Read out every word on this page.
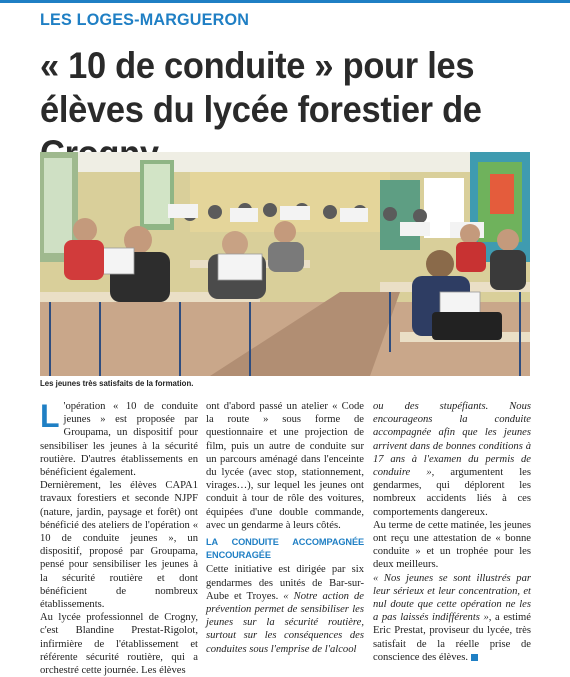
LES LOGES-MARGUERON
« 10 de conduite » pour les élèves du lycée forestier de
Les jeunes très satisfaits de la formation.

L 'opération « 10 de conduite jeunes » est proposée par Groupama, un dispositif pour sensibiliser les jeunes à la sécurité routière. D'autres établissements en bénéficient également.

Dernièrement, les élèves CAPA1 travaux forestiers et seconde NJPF (nature, jardin, paysage et forêt) ont bénéficié des ateliers de l'opération « 10 de conduite jeunes », un dispositif, proposé par Groupama, pensé pour sensibiliser les jeunes à la sécurité routière et dont bénéficient de nombreux établissements.

Au lycée professionnel de Crogny, c'est Blandine Prestat-Rigolot, infirmière de l'établissement et référente sécurité routière, qui a orchestré cette journée. Les élèves

ont d'abord passé un atelier « Code la route » sous forme de questionnaire et une projection de film, puis un autre de conduite sur un parcours aménagé dans l'enceinte du lycée (avec stop, stationnement, virages…), sur lequel les jeunes ont conduit à tour de rôle des voitures, équipées d'une double commande, avec un gendarme à leurs côtés.

LA CONDUITE ACCOMPAGNÉE ENCOURAGÉE

Cette initiative est dirigée par six gendarmes des unités de Bar-sur-Aube et Troyes. « Notre action de prévention permet de sensibiliser les jeunes sur la sécurité routière, surtout sur les conséquences des conduites sous l'emprise de l'alcool

ou des stupéfiants. Nous encourageons la conduite accompagnée afin que les jeunes arrivent dans de bonnes conditions à 17 ans à l'examen du permis de conduire », argumentent les gendarmes, qui déplorent les nombreux accidents liés à ces comportements dangereux.

Au terme de cette matinée, les jeunes ont reçu une attestation de « bonne conduite » et un trophée pour les deux meilleurs.

« Nos jeunes se sont illustrés par leur sérieux et leur concentration, et nul doute que cette opération ne les a pas laissés indifférents », a estimé Eric Prestat, proviseur du lycée, très satisfait de la réelle prise de conscience des élèves.
